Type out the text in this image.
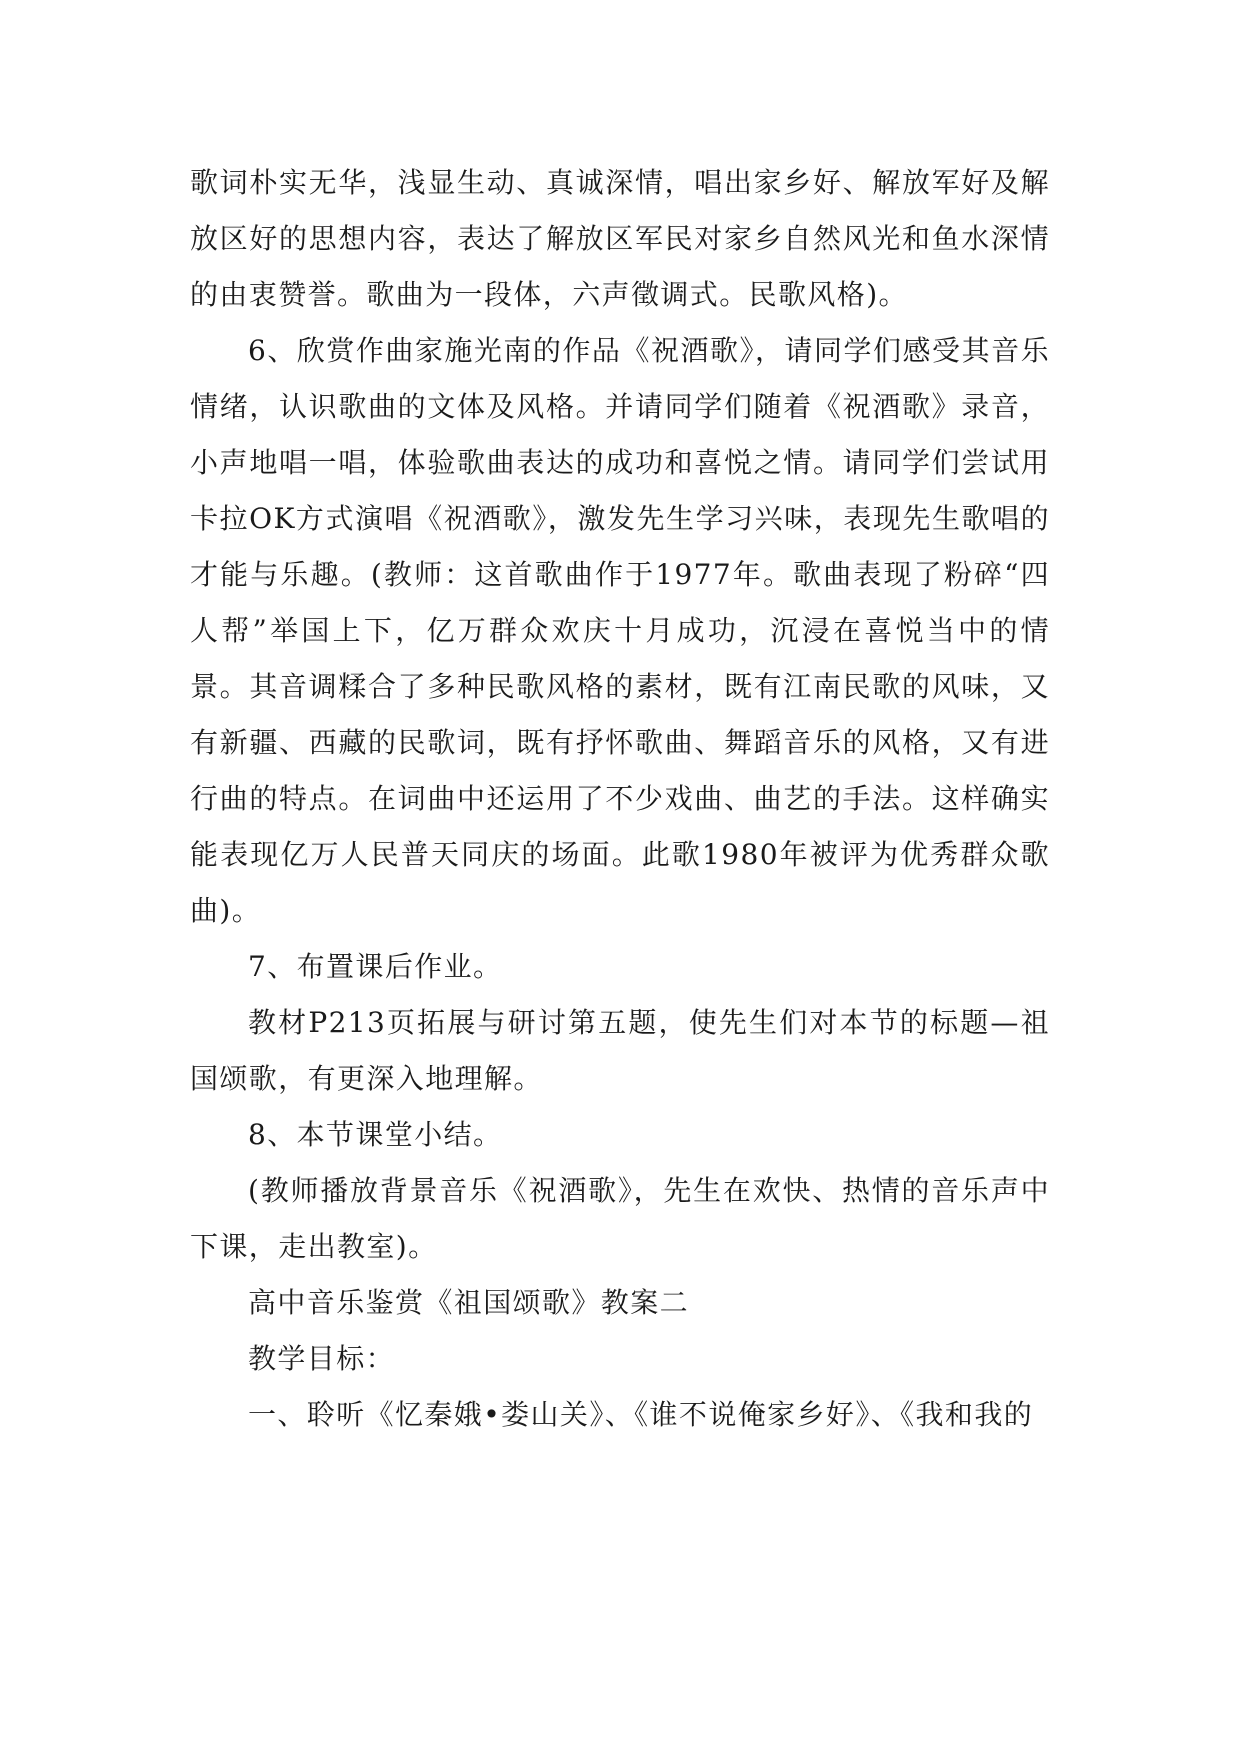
歌词朴实无华，浅显生动、真诚深情，唱出家乡好、解放军好及解放区好的思想内容，表达了解放区军民对家乡自然风光和鱼水深情的由衷赞誉。歌曲为一段体，六声徵调式。民歌风格)。

6、欣赏作曲家施光南的作品《祝酒歌》，请同学们感受其音乐情绪，认识歌曲的文体及风格。并请同学们随着《祝酒歌》录音，小声地唱一唱，体验歌曲表达的成功和喜悦之情。请同学们尝试用卡拉OK方式演唱《祝酒歌》，激发先生学习兴味，表现先生歌唱的才能与乐趣。(教师：这首歌曲作于1977年。歌曲表现了粉碎“四人帮”举国上下，亿万群众欢庆十月成功，沉浸在喜悦当中的情景。其音调糅合了多种民歌风格的素材，既有江南民歌的风味，又有新疆、西藏的民歌词，既有抒怀歌曲、舞蹈音乐的风格，又有进行曲的特点。在词曲中还运用了不少戏曲、曲艺的手法。这样确实能表现亿万人民普天同庆的场面。此歌1980年被评为优秀群众歌曲)。

7、布置课后作业。

教材P213页拓展与研讨第五题，使先生们对本节的标题—祖国颂歌，有更深入地理解。

8、本节课堂小结。

(教师播放背景音乐《祝酒歌》，先生在欢快、热情的音乐声中下课，走出教室)。

高中音乐鉴赏《祖国颂歌》教案二

教学目标：

一、聆听《忆秦娥•娄山关》、《谁不说俺家乡好》、《我和我的
